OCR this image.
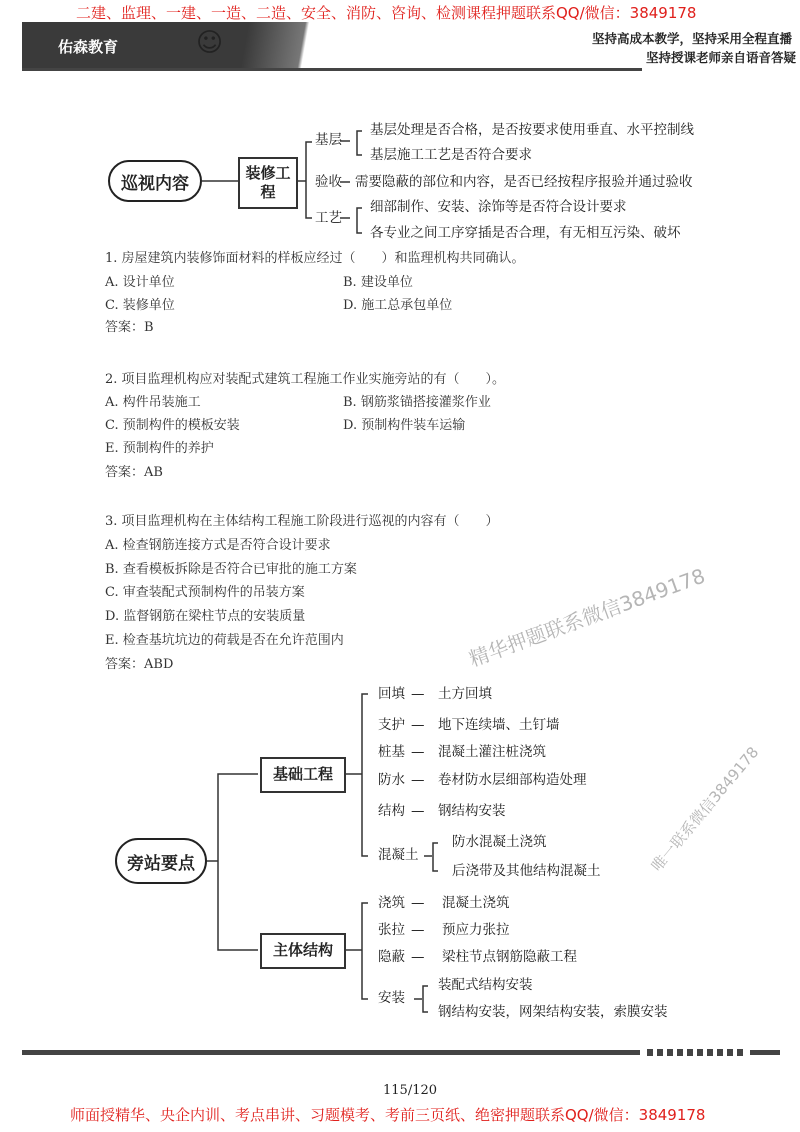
佑森教育	☺
二建、监理、一建、一造、二造、安全、消防、咨询、检测课程押题联系QQ/微信：3849178
坚持高成本教学，坚持采用全程直播
坚持授课老师亲自语音答疑
巡视内容
装修工程
基层
基层处理是否合格，是否按要求使用垂直、水平控制线
基层施工工艺是否符合要求
验收 需要隐蔽的部位和内容，是否已经按程序报验并通过验收
工艺
细部制作、安装、涂饰等是否符合设计要求
各专业之间工序穿插是否合理，有无相互污染、破坏
1. 房屋建筑内装修饰面材料的样板应经过（　　）和监理机构共同确认。
A. 设计单位	B. 建设单位
C. 装修单位	D. 施工总承包单位
答案：B
2. 项目监理机构应对装配式建筑工程施工作业实施旁站的有（　　）。
A. 构件吊装施工	B. 钢筋浆锚搭接灌浆作业
C. 预制构件的模板安装	D. 预制构件装车运输
E. 预制构件的养护
答案：AB
3. 项目监理机构在主体结构工程施工阶段进行巡视的内容有（　　）
A. 检查钢筋连接方式是否符合设计要求
B. 查看模板拆除是否符合已审批的施工方案
C. 审查装配式预制构件的吊装方案
D. 监督钢筋在梁柱节点的安装质量
E. 检查基坑坑边的荷载是否在允许范围内
答案：ABD
旁站要点
基础工程
主体结构
回填 — 土方回填
支护 — 地下连续墙、土钉墙
桩基 — 混凝土灌注桩浇筑
防水 — 卷材防水层细部构造处理
结构 — 钢结构安装
混凝土
防水混凝土浇筑
后浇带及其他结构混凝土
浇筑 — 混凝土浇筑
张拉 — 预应力张拉
隐蔽 — 梁柱节点钢筋隐蔽工程
安装
装配式结构安装
钢结构安装，网架结构安装，索膜安装
精华押题联系微信3849178
唯一联系微信3849178
115/120
师面授精华、央企内训、考点串讲、习题模考、考前三页纸、绝密押题联系QQ/微信：3849178
